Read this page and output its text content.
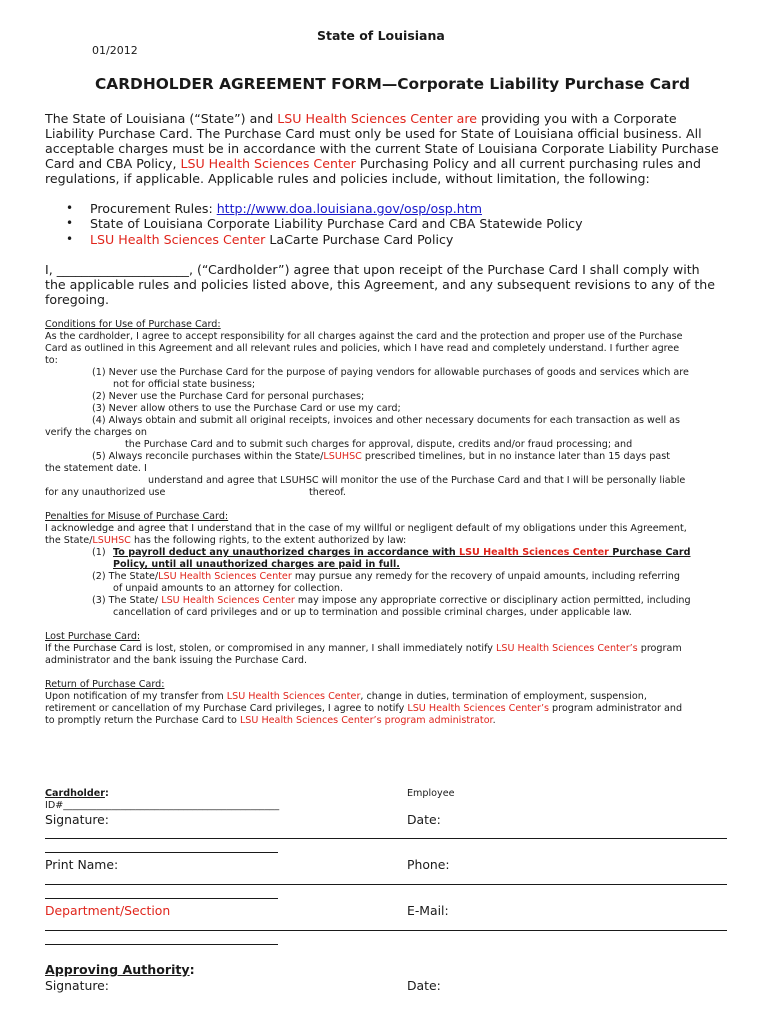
State of Louisiana
01/2012
CARDHOLDER AGREEMENT FORM—Corporate Liability Purchase Card
The State of Louisiana (“State”) and LSU Health Sciences Center are providing you with a Corporate
Liability Purchase Card. The Purchase Card must only be used for State of Louisiana official business. All
acceptable charges must be in accordance with the current State of Louisiana Corporate Liability Purchase
Card and CBA Policy, LSU Health Sciences Center Purchasing Policy and all current purchasing rules and
regulations, if applicable. Applicable rules and policies include, without limitation, the following:
• Procurement Rules: http://www.doa.louisiana.gov/osp/osp.htm
• State of Louisiana Corporate Liability Purchase Card and CBA Statewide Policy
• LSU Health Sciences Center LaCarte Purchase Card Policy
I, _____________________, (“Cardholder”) agree that upon receipt of the Purchase Card I shall comply with
the applicable rules and policies listed above, this Agreement, and any subsequent revisions to any of the
foregoing.
Conditions for Use of Purchase Card:
As the cardholder, I agree to accept responsibility for all charges against the card and the protection and proper use of the Purchase
Card as outlined in this Agreement and all relevant rules and policies, which I have read and completely understand. I further agree
to:
(1) Never use the Purchase Card for the purpose of paying vendors for allowable purchases of goods and services which are
not for official state business;
(2) Never use the Purchase Card for personal purchases;
(3) Never allow others to use the Purchase Card or use my card;
(4) Always obtain and submit all original receipts, invoices and other necessary documents for each transaction as well as
verify the charges on
the Purchase Card and to submit such charges for approval, dispute, credits and/or fraud processing; and
(5) Always reconcile purchases within the State/LSUHSC prescribed timelines, but in no instance later than 15 days past
the statement date. I
understand and agree that LSUHSC will monitor the use of the Purchase Card and that I will be personally liable
for any unauthorized use	thereof.
Penalties for Misuse of Purchase Card:
I acknowledge and agree that I understand that in the case of my willful or negligent default of my obligations under this Agreement,
the State/LSUHSC has the following rights, to the extent authorized by law:
(1) To payroll deduct any unauthorized charges in accordance with LSU Health Sciences Center Purchase Card
Policy, until all unauthorized charges are paid in full.
(2) The State/LSU Health Sciences Center may pursue any remedy for the recovery of unpaid amounts, including referring
of unpaid amounts to an attorney for collection.
(3) The State/ LSU Health Sciences Center may impose any appropriate corrective or disciplinary action permitted, including
cancellation of card privileges and or up to termination and possible criminal charges, under applicable law.
Lost Purchase Card:
If the Purchase Card is lost, stolen, or compromised in any manner, I shall immediately notify LSU Health Sciences Center’s program
administrator and the bank issuing the Purchase Card.
Return of Purchase Card:
Upon notification of my transfer from LSU Health Sciences Center, change in duties, termination of employment, suspension,
retirement or cancellation of my Purchase Card privileges, I agree to notify LSU Health Sciences Center’s program administrator and
to promptly return the Purchase Card to LSU Health Sciences Center’s program administrator.
Cardholder:
ID#_____________________________________________
Employee
Signature:	Date:
Print Name:	Phone:
Department/Section	E-Mail:
Approving Authority:
Signature:	Date:
